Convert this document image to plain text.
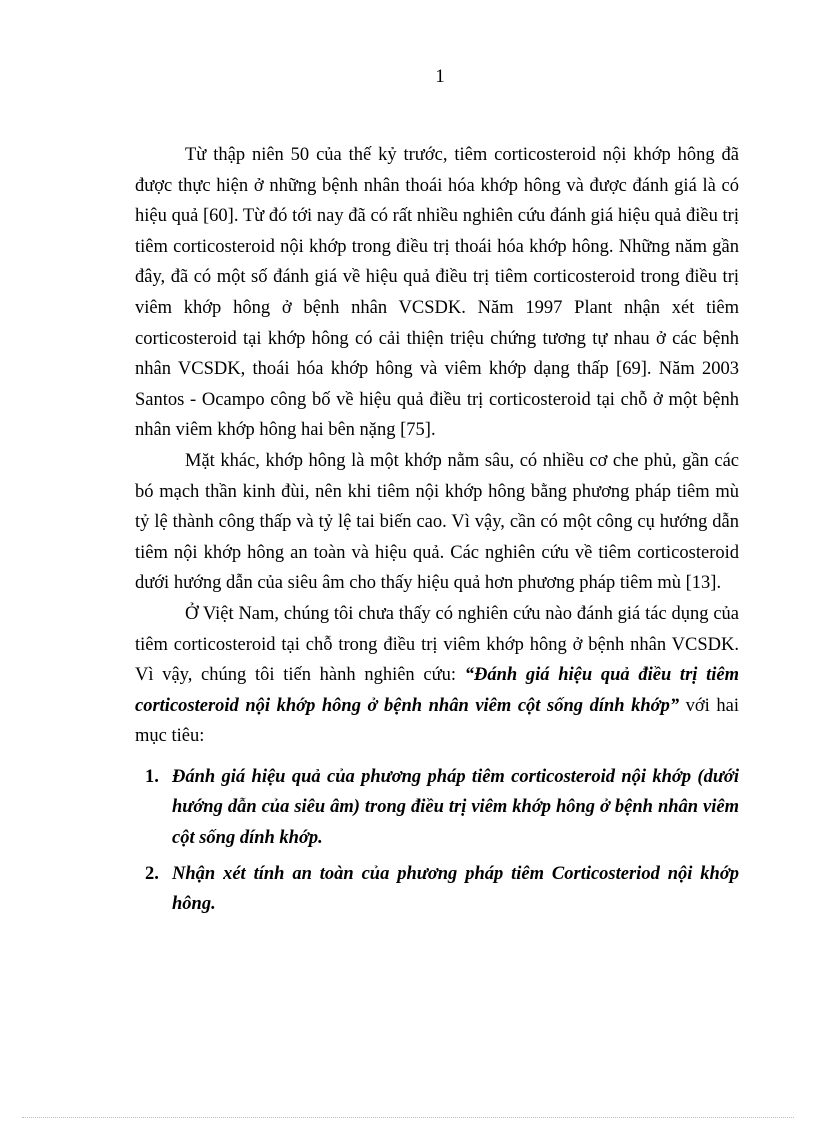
1

Từ thập niên 50 của thế kỷ trước, tiêm corticosteroid nội khớp hông đã được thực hiện ở những bệnh nhân thoái hóa khớp hông và được đánh giá là có hiệu quả [60]. Từ đó tới nay đã có rất nhiều nghiên cứu đánh giá hiệu quả điều trị tiêm corticosteroid nội khớp trong điều trị thoái hóa khớp hông. Những năm gần đây, đã có một số đánh giá về hiệu quả điều trị tiêm corticosteroid trong điều trị viêm khớp hông ở bệnh nhân VCSDK. Năm 1997 Plant nhận xét tiêm corticosteroid tại khớp hông có cải thiện triệu chứng tương tự nhau ở các bệnh nhân VCSDK, thoái hóa khớp hông và viêm khớp dạng thấp [69]. Năm 2003 Santos - Ocampo công bố về hiệu quả điều trị corticosteroid tại chỗ ở một bệnh nhân viêm khớp hông hai bên nặng [75].

Mặt khác, khớp hông là một khớp nằm sâu, có nhiều cơ che phủ, gần các bó mạch thần kinh đùi, nên khi tiêm nội khớp hông bằng phương pháp tiêm mù tỷ lệ thành công thấp và tỷ lệ tai biến cao. Vì vậy, cần có một công cụ hướng dẫn tiêm nội khớp hông an toàn và hiệu quả. Các nghiên cứu về tiêm corticosteroid dưới hướng dẫn của siêu âm cho thấy hiệu quả hơn phương pháp tiêm mù [13].

Ở Việt Nam, chúng tôi chưa thấy có nghiên cứu nào đánh giá tác dụng của tiêm corticosteroid tại chỗ trong điều trị viêm khớp hông ở bệnh nhân VCSDK. Vì vậy, chúng tôi tiến hành nghiên cứu: “Đánh giá hiệu quả điều trị tiêm corticosteroid nội khớp hông ở bệnh nhân viêm cột sống dính khớp” với hai mục tiêu:

1. Đánh giá hiệu quả của phương pháp tiêm corticosteroid nội khớp (dưới hướng dẫn của siêu âm) trong điều trị viêm khớp hông ở bệnh nhân viêm cột sống dính khớp.
2. Nhận xét tính an toàn của phương pháp tiêm Corticosteriod nội khớp hông.
